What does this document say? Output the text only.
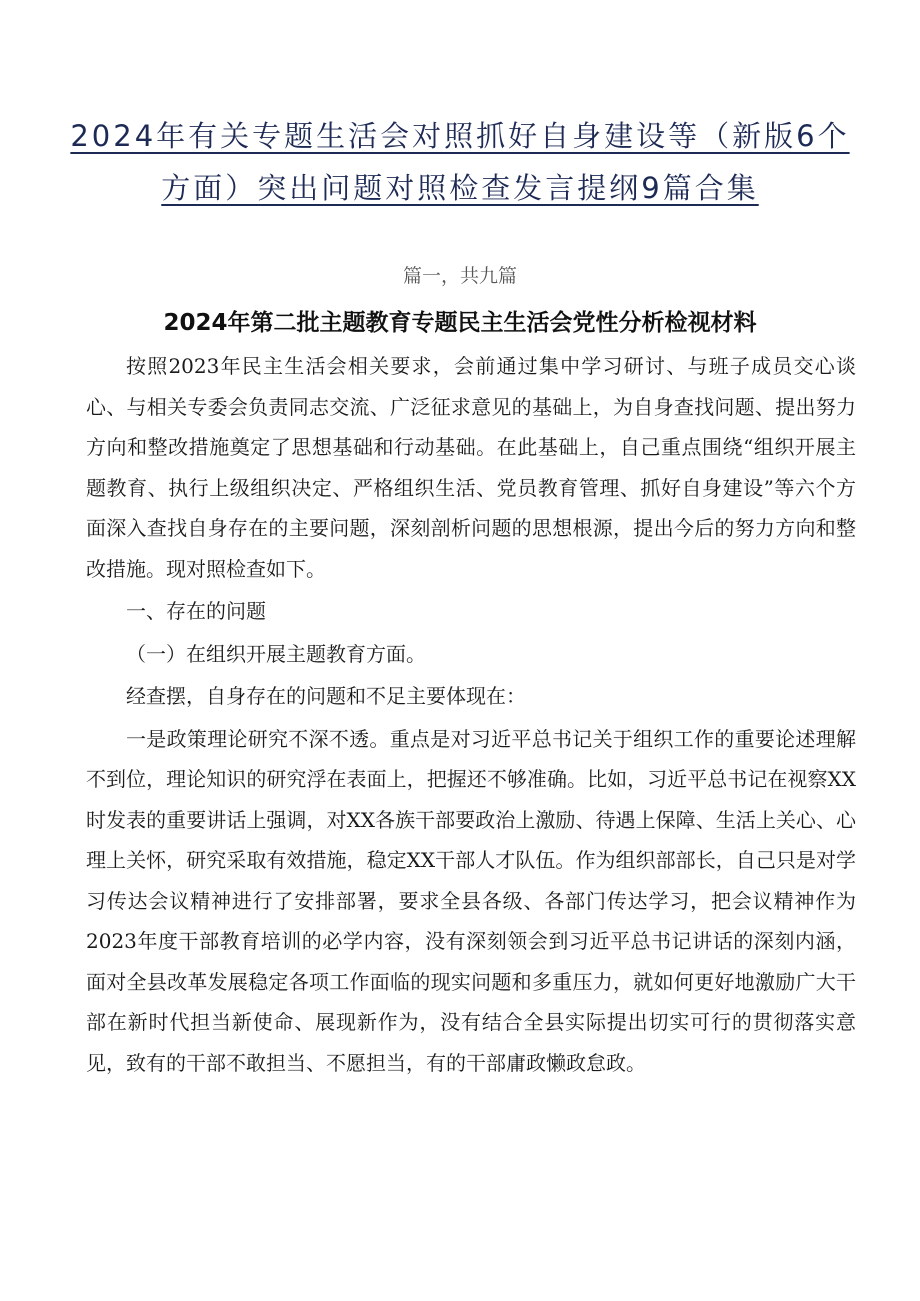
2024年有关专题生活会对照抓好自身建设等（新版6个
方面）突出问题对照检查发言提纲9篇合集
篇一，共九篇
2024年第二批主题教育专题民主生活会党性分析检视材料

按照2023年民主生活会相关要求，会前通过集中学习研讨、与班子成员交心谈心、与相关专委会负责同志交流、广泛征求意见的基础上，为自身查找问题、提出努力方向和整改措施奠定了思想基础和行动基础。在此基础上，自己重点围绕“组织开展主题教育、执行上级组织决定、严格组织生活、党员教育管理、抓好自身建设”等六个方面深入查找自身存在的主要问题，深刻剖析问题的思想根源，提出今后的努力方向和整改措施。现对照检查如下。

一、存在的问题

（一）在组织开展主题教育方面。

经查摆，自身存在的问题和不足主要体现在：

一是政策理论研究不深不透。重点是对习近平总书记关于组织工作的重要论述理解不到位，理论知识的研究浮在表面上，把握还不够准确。比如，习近平总书记在视察XX时发表的重要讲话上强调，对XX各族干部要政治上激励、待遇上保障、生活上关心、心理上关怀，研究采取有效措施，稳定XX干部人才队伍。作为组织部部长，自己只是对学习传达会议精神进行了安排部署，要求全县各级、各部门传达学习，把会议精神作为2023年度干部教育培训的必学内容，没有深刻领会到习近平总书记讲话的深刻内涵，面对全县改革发展稳定各项工作面临的现实问题和多重压力，就如何更好地激励广大干部在新时代担当新使命、展现新作为，没有结合全县实际提出切实可行的贯彻落实意见，致有的干部不敢担当、不愿担当，有的干部庸政懒政怠政。
